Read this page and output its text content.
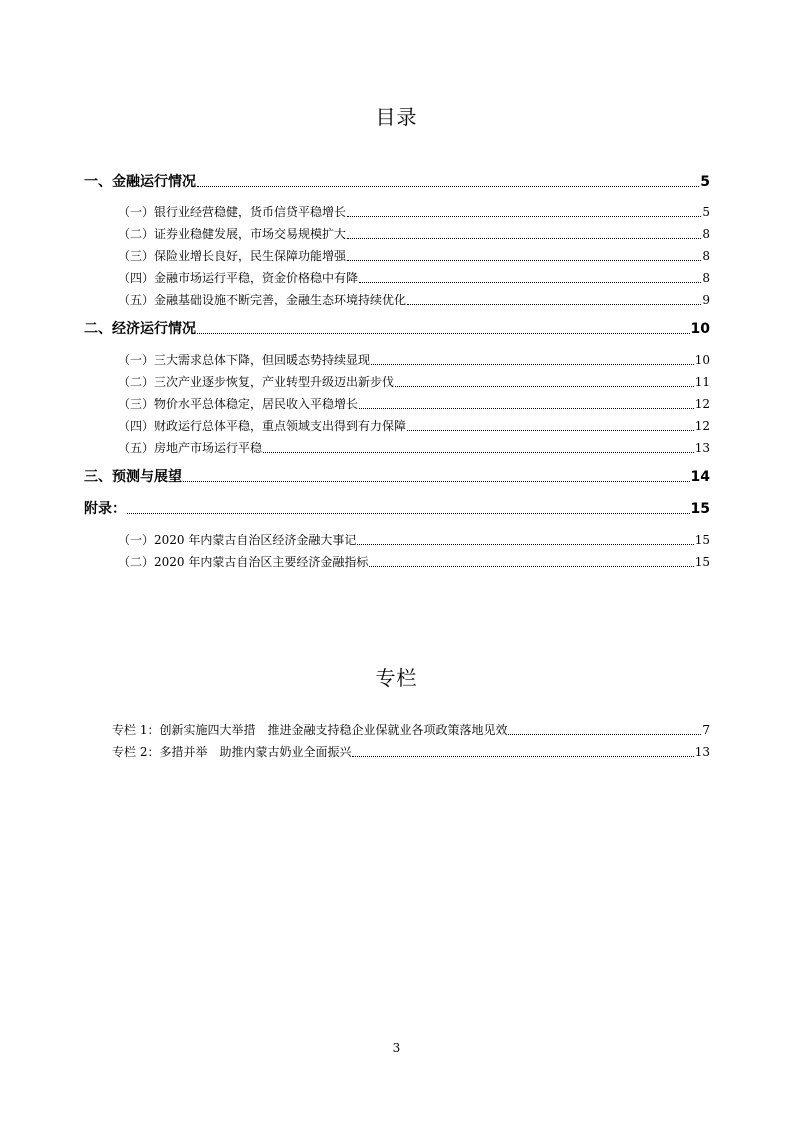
目录
一、金融运行情况	5
（一）银行业经营稳健，货币信贷平稳增长	5
（二）证券业稳健发展，市场交易规模扩大	8
（三）保险业增长良好，民生保障功能增强	8
（四）金融市场运行平稳，资金价格稳中有降	8
（五）金融基础设施不断完善，金融生态环境持续优化	9
二、经济运行情况	10
（一）三大需求总体下降，但回暖态势持续显现	10
（二）三次产业逐步恢复，产业转型升级迈出新步伐	11
（三）物价水平总体稳定，居民收入平稳增长	12
（四）财政运行总体平稳，重点领域支出得到有力保障	12
（五）房地产市场运行平稳	13
三、预测与展望	14
附录：	15
（一）2020 年内蒙古自治区经济金融大事记	15
（二）2020 年内蒙古自治区主要经济金融指标	15
专栏
专栏 1：创新实施四大举措　推进金融支持稳企业保就业各项政策落地见效	7
专栏 2：多措并举　助推内蒙古奶业全面振兴	13
3
